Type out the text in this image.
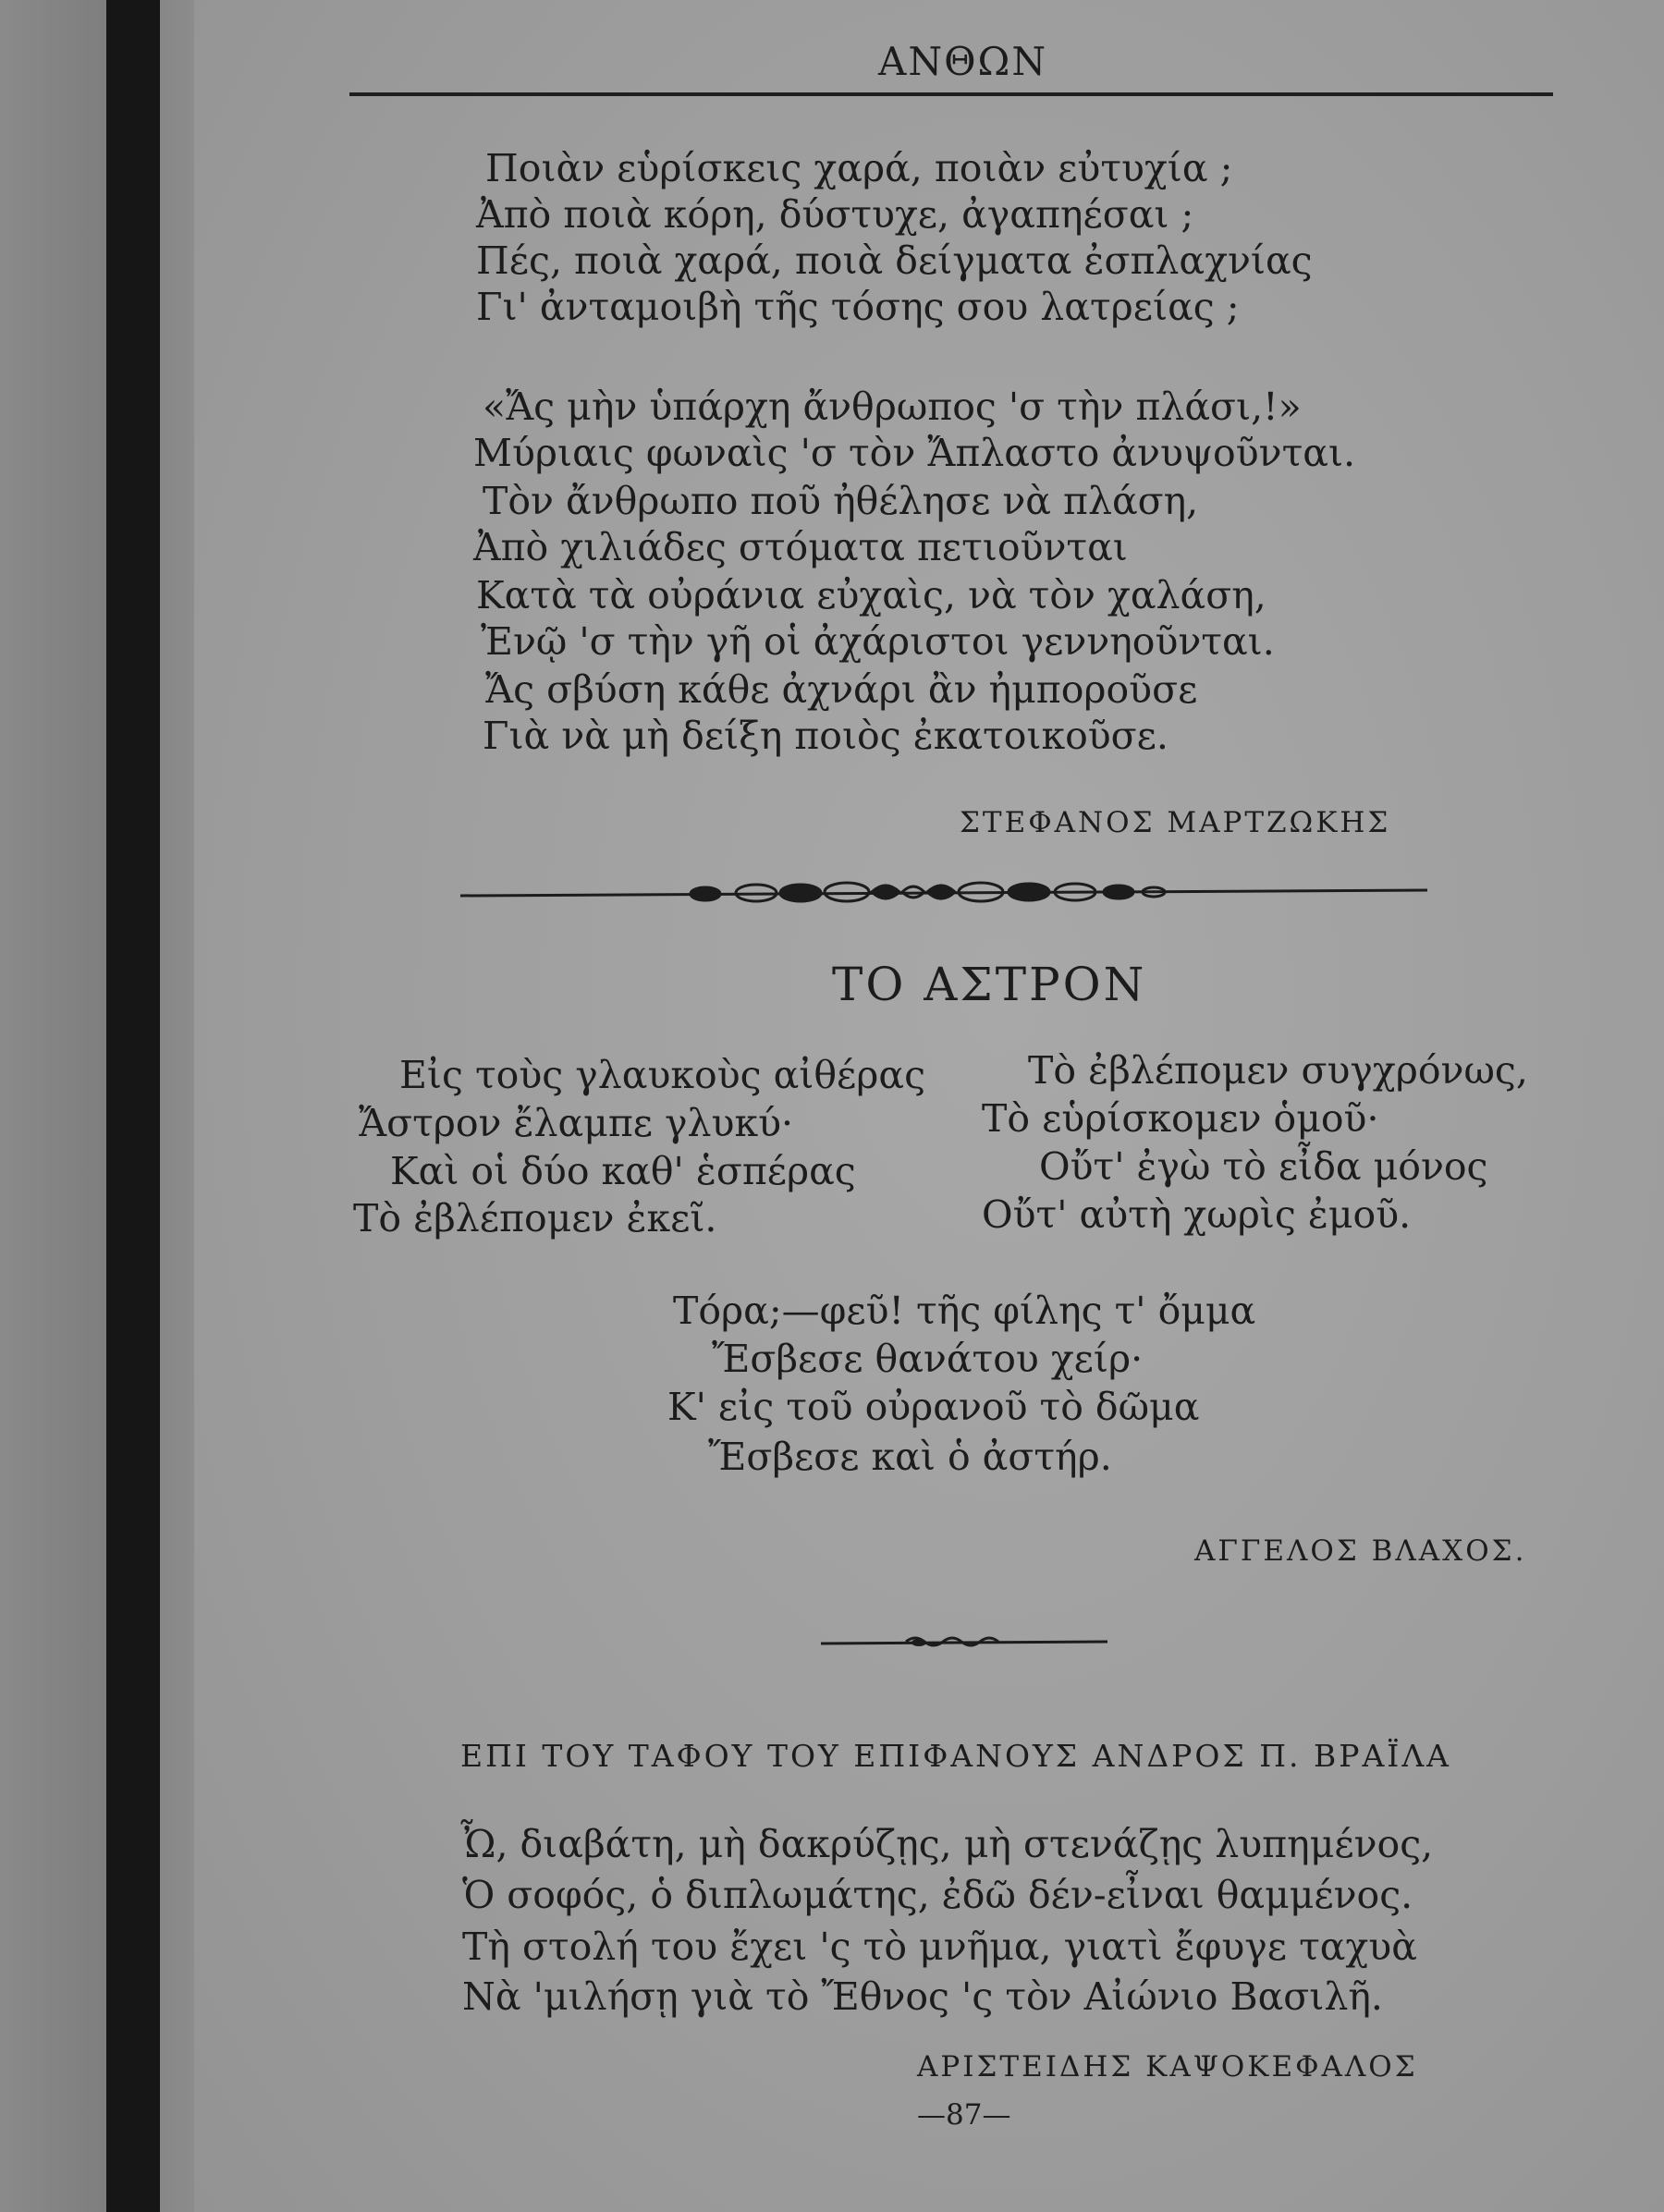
ΑΝΘΩΝ
Ποιὰν εὑρίσκεις χαρά, ποιὰν εὐτυχία ;
Ἀπὸ ποιὰ κόρη, δύστυχε, ἀγαπηέσαι ;
Πές, ποιὰ χαρά, ποιὰ δείγματα ἐσπλαχνίας
Γι' ἀνταμοιβὴ τῆς τόσης σου λατρείας ;
«Ἄς μὴν ὑπάρχη ἄνθρωπος 'σ τὴν πλάσι,!»
Μύριαις φωναὶς 'σ τὸν Ἄπλαστο ἀνυψοῦνται.
Τὸν ἄνθρωπο ποῦ ἠθέλησε νὰ πλάση,
Ἀπὸ χιλιάδες στόματα πετιοῦνται
Κατὰ τὰ οὐράνια εὐχαὶς, νὰ τὸν χαλάση,
Ἐνῷ 'σ τὴν γῆ οἱ ἀχάριστοι γεννηοῦνται.
Ἄς σβύση κάθε ἀχνάρι ἂν ἠμποροῦσε
Γιὰ νὰ μὴ δείξη ποιὸς ἐκατοικοῦσε.
ΣΤΕΦΑΝΟΣ ΜΑΡΤΖΩΚΗΣ
ΤΟ ΑΣΤΡΟΝ
Εἰς τοὺς γλαυκοὺς αἰθέρας
Ἄστρον ἔλαμπε γλυκύ·
Καὶ οἱ δύο καθ' ἑσπέρας
Τὸ ἐβλέπομεν ἐκεῖ.
Τὸ ἐβλέπομεν συγχρόνως,
Τὸ εὑρίσκομεν ὁμοῦ·
Οὔτ' ἐγὼ τὸ εἶδα μόνος
Οὔτ' αὐτὴ χωρὶς ἐμοῦ.
Τόρα;—φεῦ! τῆς φίλης τ' ὄμμα
Ἔσβεσε θανάτου χείρ·
Κ' εἰς τοῦ οὐρανοῦ τὸ δῶμα
Ἔσβεσε καὶ ὁ ἀστήρ.
ΑΓΓΕΛΟΣ ΒΛΑΧΟΣ.
ΕΠΙ ΤΟΥ ΤΑΦΟΥ ΤΟΥ ΕΠΙΦΑΝΟΥΣ ΑΝΔΡΟΣ Π. ΒΡΑΪΛΑ
Ὦ, διαβάτη, μὴ δακρύζῃς, μὴ στενάζῃς λυπημένος,
Ὁ σοφός, ὁ διπλωμάτης, ἐδῶ δέν-εἶναι θαμμένος.
Τὴ στολή του ἔχει 'ς τὸ μνῆμα, γιατὶ ἔφυγε ταχυὰ
Νὰ 'μιλήσῃ γιὰ τὸ Ἔθνος 'ς τὸν Αἰώνιο Βασιλῆ.
ΑΡΙΣΤΕΙΔΗΣ ΚΑΨΟΚΕΦΑΛΟΣ
—87—
